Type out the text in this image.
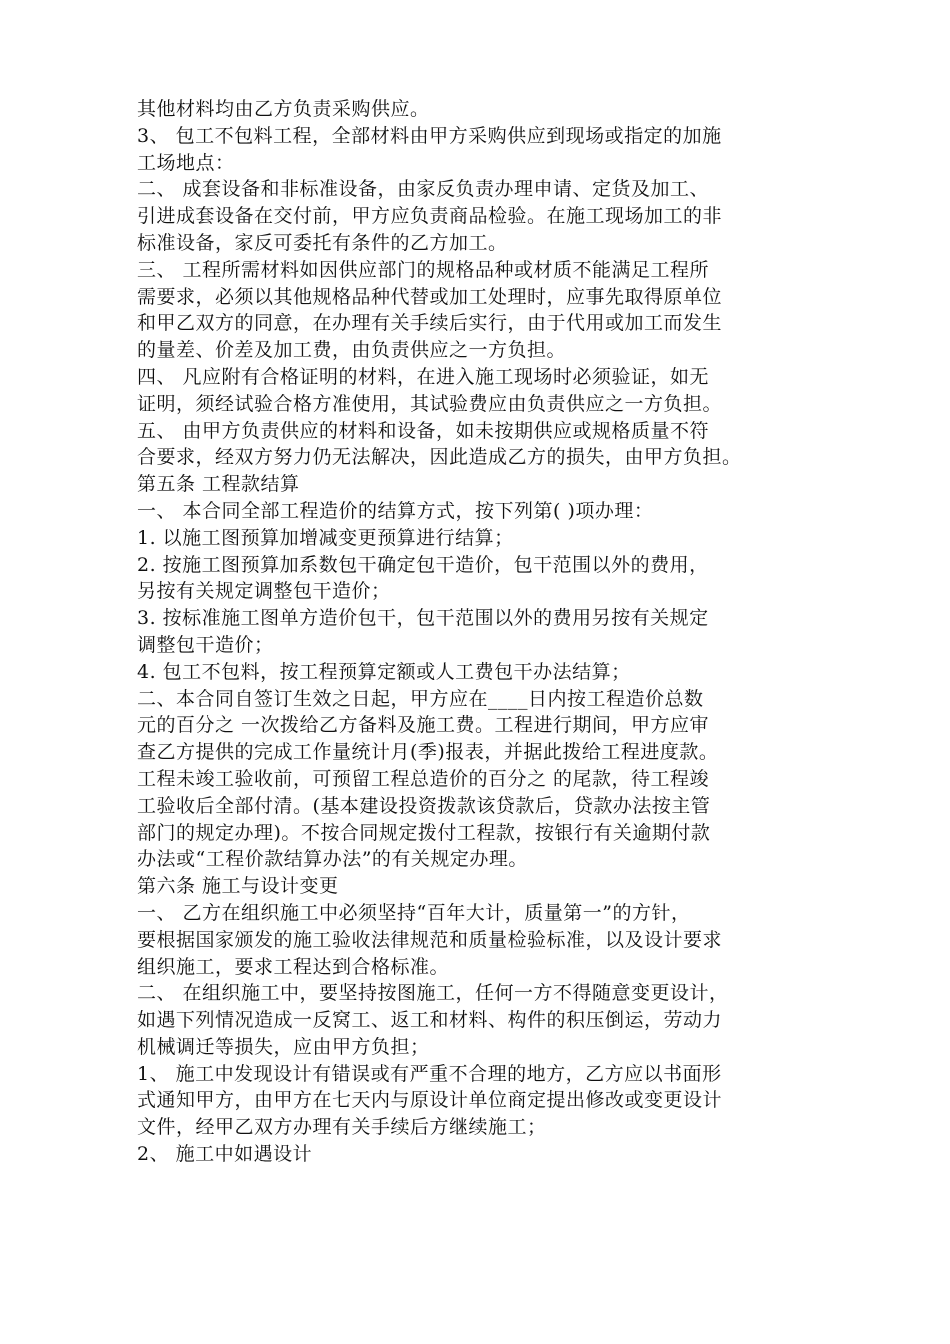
其他材料均由乙方负责采购供应。
3、 包工不包料工程，全部材料由甲方采购供应到现场或指定的加施
工场地点：
二、 成套设备和非标准设备，由家反负责办理申请、定货及加工、
引进成套设备在交付前，甲方应负责商品检验。在施工现场加工的非
标准设备，家反可委托有条件的乙方加工。
三、 工程所需材料如因供应部门的规格品种或材质不能满足工程所
需要求，必须以其他规格品种代替或加工处理时，应事先取得原单位
和甲乙双方的同意，在办理有关手续后实行，由于代用或加工而发生
的量差、价差及加工费，由负责供应之一方负担。
四、 凡应附有合格证明的材料，在进入施工现场时必须验证，如无
证明，须经试验合格方准使用，其试验费应由负责供应之一方负担。
五、 由甲方负责供应的材料和设备，如未按期供应或规格质量不符
合要求，经双方努力仍无法解决，因此造成乙方的损失，由甲方负担。
第五条 工程款结算
一、 本合同全部工程造价的结算方式，按下列第( )项办理：
1. 以施工图预算加增减变更预算进行结算；
2. 按施工图预算加系数包干确定包干造价，包干范围以外的费用，
另按有关规定调整包干造价；
3. 按标准施工图单方造价包干，包干范围以外的费用另按有关规定
调整包干造价；
4. 包工不包料，按工程预算定额或人工费包干办法结算；
二、本合同自签订生效之日起，甲方应在____日内按工程造价总数
元的百分之 一次拨给乙方备料及施工费。工程进行期间，甲方应审
查乙方提供的完成工作量统计月(季)报表，并据此拨给工程进度款。
工程未竣工验收前，可预留工程总造价的百分之 的尾款，待工程竣
工验收后全部付清。(基本建设投资拨款该贷款后，贷款办法按主管
部门的规定办理)。不按合同规定拨付工程款，按银行有关逾期付款
办法或“工程价款结算办法”的有关规定办理。
第六条 施工与设计变更
一、 乙方在组织施工中必须坚持“百年大计，质量第一”的方针，
要根据国家颁发的施工验收法律规范和质量检验标准，以及设计要求
组织施工，要求工程达到合格标准。
二、 在组织施工中，要坚持按图施工，任何一方不得随意变更设计，
如遇下列情况造成一反窝工、返工和材料、构件的积压倒运，劳动力
机械调迁等损失，应由甲方负担；
1、 施工中发现设计有错误或有严重不合理的地方，乙方应以书面形
式通知甲方，由甲方在七天内与原设计单位商定提出修改或变更设计
文件，经甲乙双方办理有关手续后方继续施工；
2、 施工中如遇设计
